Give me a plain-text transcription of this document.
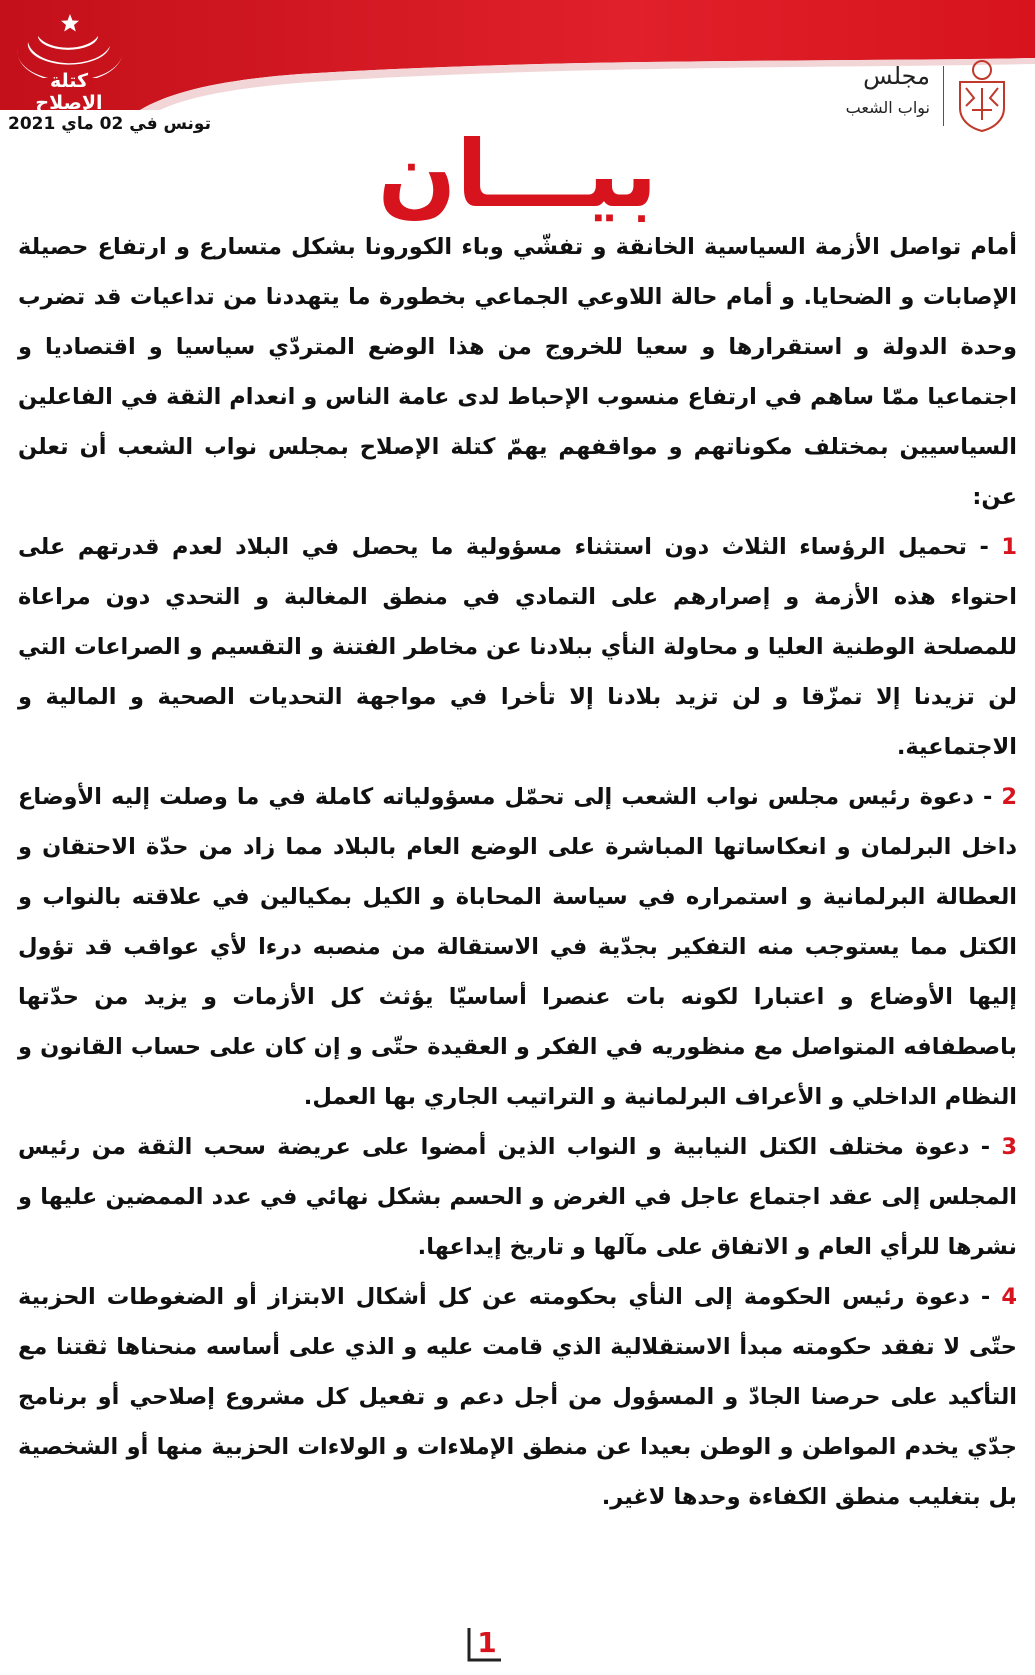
كتلة الإصلاح
تونس في 02 ماي 2021
مجلس
نواب الشعب
بيـــان

أمام تواصل الأزمة السياسية الخانقة و تفشّي وباء الكورونا بشكل متسارع و ارتفاع حصيلة الإصابات و الضحايا. و أمام حالة اللاوعي الجماعي بخطورة ما يتهددنا من تداعيات قد تضرب وحدة الدولة و استقرارها و سعيا للخروج من هذا الوضع المتردّي سياسيا و اقتصاديا و اجتماعيا ممّا ساهم في ارتفاع منسوب الإحباط لدى عامة الناس و انعدام الثقة في الفاعلين السياسيين بمختلف مكوناتهم و مواقفهم يهمّ كتلة الإصلاح بمجلس نواب الشعب أن تعلن عن:

1 - تحميل الرؤساء الثلاث دون استثناء مسؤولية ما يحصل في البلاد لعدم قدرتهم على احتواء هذه الأزمة و إصرارهم على التمادي في منطق المغالبة و التحدي دون مراعاة للمصلحة الوطنية العليا و محاولة النأي ببلادنا عن مخاطر الفتنة و التقسيم و الصراعات التي لن تزيدنا إلا تمزّقا و لن تزيد بلادنا إلا تأخرا في مواجهة التحديات الصحية و المالية و الاجتماعية.

2 - دعوة رئيس مجلس نواب الشعب إلى تحمّل مسؤولياته كاملة في ما وصلت إليه الأوضاع داخل البرلمان و انعكاساتها المباشرة على الوضع العام بالبلاد مما زاد من حدّة الاحتقان و العطالة البرلمانية و استمراره في سياسة المحاباة و الكيل بمكيالين في علاقته بالنواب و الكتل مما يستوجب منه التفكير بجدّية في الاستقالة من منصبه درءا لأي عواقب قد تؤول إليها الأوضاع و اعتبارا لكونه بات عنصرا أساسيّا يؤثث كل الأزمات و يزيد من حدّتها باصطفافه المتواصل مع منظوريه في الفكر و العقيدة حتّى و إن كان على حساب القانون و النظام الداخلي و الأعراف البرلمانية و التراتيب الجاري بها العمل.

3 - دعوة مختلف الكتل النيابية و النواب الذين أمضوا على عريضة سحب الثقة من رئيس المجلس إلى عقد اجتماع عاجل في الغرض و الحسم بشكل نهائي في عدد الممضين عليها و نشرها للرأي العام و الاتفاق على مآلها و تاريخ إيداعها.

4 - دعوة رئيس الحكومة إلى النأي بحكومته عن كل أشكال الابتزاز أو الضغوطات الحزبية حتّى لا تفقد حكومته مبدأ الاستقلالية الذي قامت عليه و الذي على أساسه منحناها ثقتنا مع التأكيد على حرصنا الجادّ و المسؤول من أجل دعم و تفعيل كل مشروع إصلاحي أو برنامج جدّي يخدم المواطن و الوطن بعيدا عن منطق الإملاءات و الولاءات الحزبية منها أو الشخصية بل بتغليب منطق الكفاءة وحدها لاغير.

1
